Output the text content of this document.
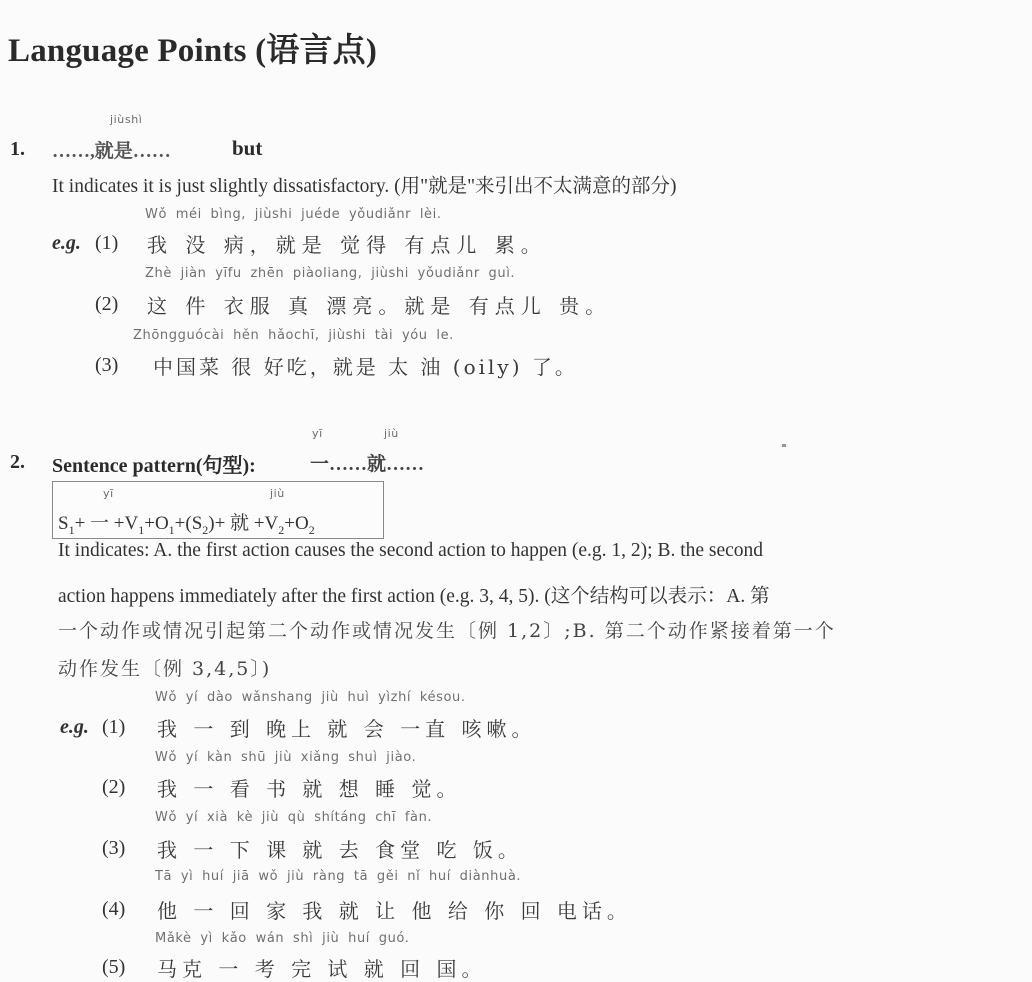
Language Points (语言点)
jiùshì
1. ……,就是……	but
It indicates it is just slightly dissatisfactory. (用"就是"来引出不太满意的部分)
Wǒ méi bìng, jiùshi juéde yǒudiǎnr lèi.
e.g. (1) 我 没 病，就是 觉得 有点儿 累。
Zhè jiàn yīfu zhēn piàoliang, jiùshi yǒudiǎnr guì.
(2) 这 件 衣服 真 漂亮。就是 有点儿 贵。
Zhōngguócài hěn hǎochī, jiùshi tài yóu le.
(3) 中国菜 很 好吃，就是 太 油 (oily) 了。
yī	jiù
2. Sentence pattern(句型):	一……就……
yī	jiù
$S_1+$ 一 $+V_1+O_1+(S_2)+$ 就 $+V_2+O_2$
It indicates: A. the first action causes the second action to happen (e.g. 1, 2); B. the second
action happens immediately after the first action (e.g. 3, 4, 5). (这个结构可以表示：A. 第
一个动作或情况引起第二个动作或情况发生〔例 1,2〕;B. 第二个动作紧接着第一个
动作发生〔例 3,4,5〕)
Wǒ yí dào wǎnshang jiù huì yìzhí késou.
e.g. (1) 我 一 到 晚上 就 会 一直 咳嗽。
Wǒ yí kàn shū jiù xiǎng shuì jiào.
(2) 我 一 看 书 就 想 睡 觉。
Wǒ yí xià kè jiù qù shítáng chī fàn.
(3) 我 一 下 课 就 去 食堂 吃 饭。
Tā yì huí jiā wǒ jiù ràng tā gěi nǐ huí diànhuà.
(4) 他 一 回 家 我 就 让 他 给 你 回 电话。
Mǎkè yì kǎo wán shì jiù huí guó.
(5) 马克 一 考 完 试 就 回 国。
